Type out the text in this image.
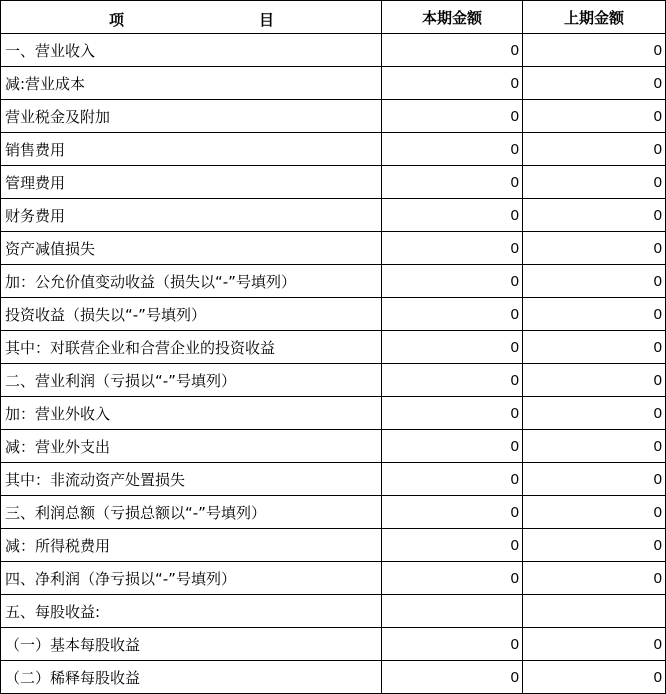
项 目	本期金额	上期金额
一、营业收入	0	0
减:营业成本	0	0
营业税金及附加	0	0
销售费用	0	0
管理费用	0	0
财务费用	0	0
资产减值损失	0	0
加：公允价值变动收益（损失以“-”号填列）	0	0
投资收益（损失以“-”号填列）	0	0
其中：对联营企业和合营企业的投资收益	0	0
二、营业利润（亏损以“-”号填列）	0	0
加：营业外收入	0	0
减：营业外支出	0	0
其中：非流动资产处置损失	0	0
三、利润总额（亏损总额以“-”号填列）	0	0
减：所得税费用	0	0
四、净利润（净亏损以“-”号填列）	0	0
五、每股收益:		
（一）基本每股收益	0	0
（二）稀释每股收益	0	0
